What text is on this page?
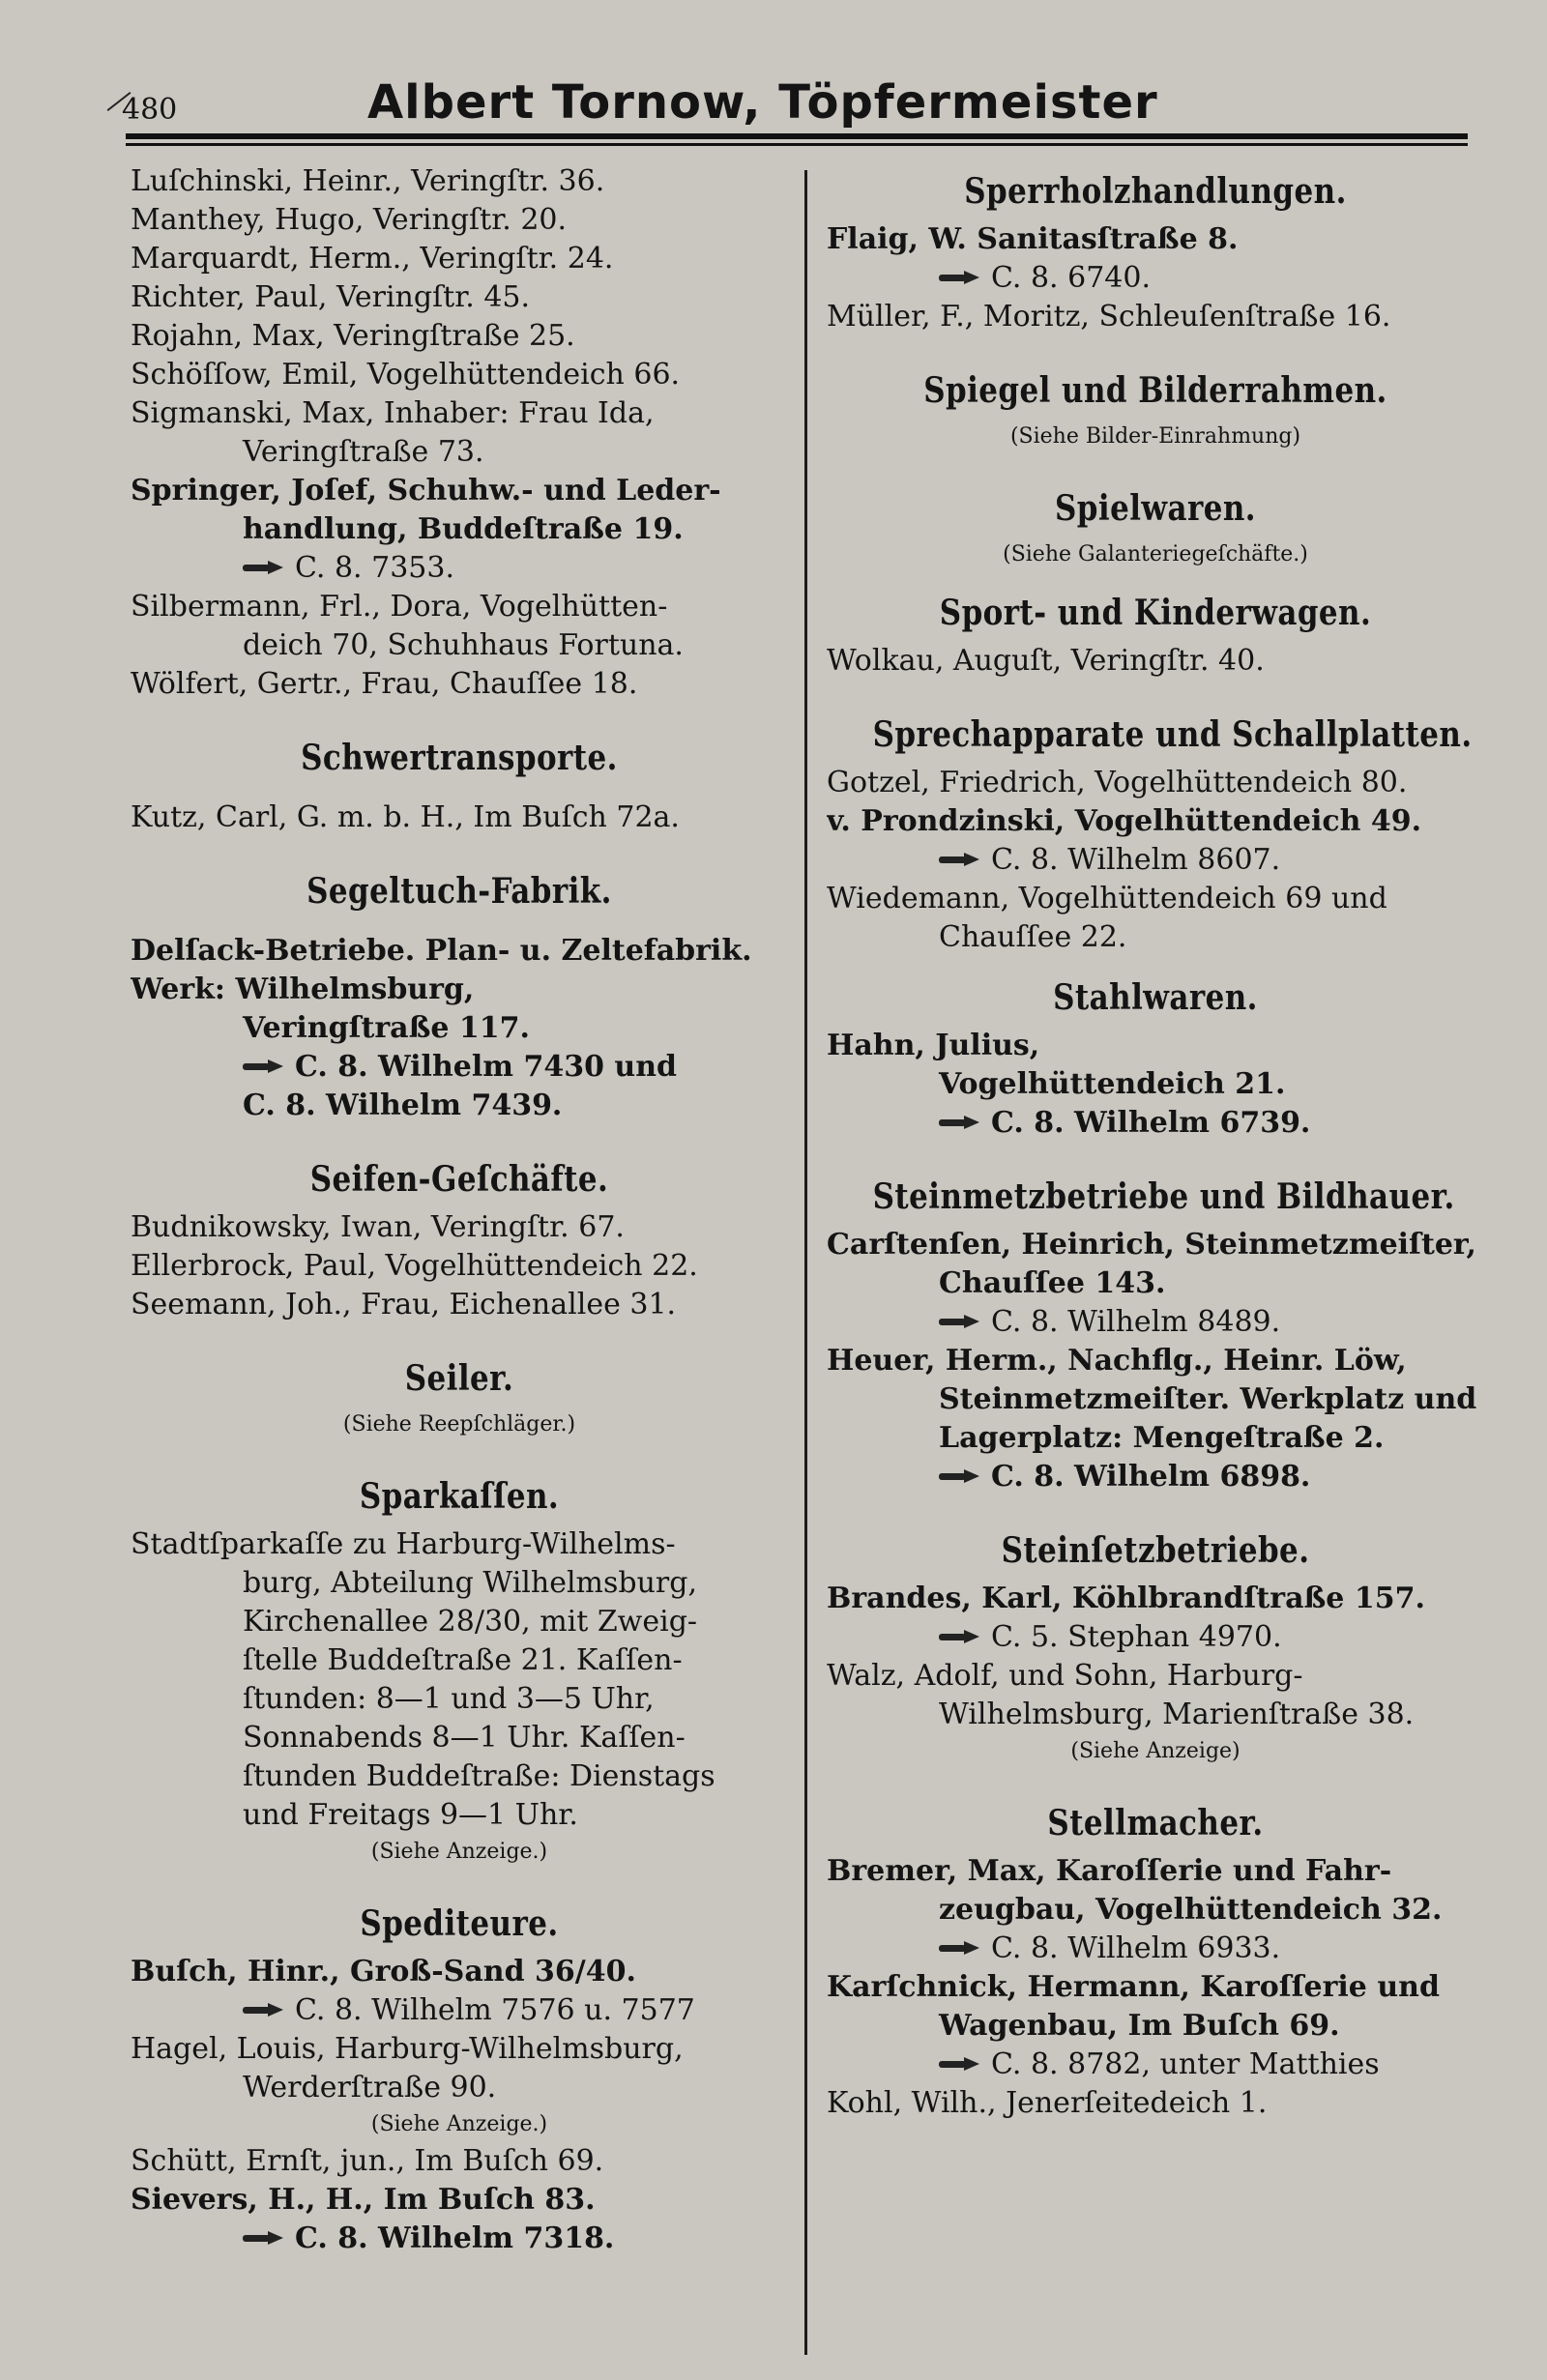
480	Albert Tornow, Töpfermeister
Luſchinski, Heinr., Veringſtr. 36.
Manthey, Hugo, Veringſtr. 20.
Marquardt, Herm., Veringſtr. 24.
Richter, Paul, Veringſtr. 45.
Rojahn, Max, Veringſtraße 25.
Schöſſow, Emil, Vogelhüttendeich 66.
Sigmanski, Max, Inhaber: Frau Ida,
Veringſtraße 73.
Springer, Joſef, Schuhw.- und Leder-
handlung, Buddeſtraße 19.
C. 8. 7353.
Silbermann, Frl., Dora, Vogelhütten-
deich 70, Schuhhaus Fortuna.
Wölfert, Gertr., Frau, Chauſſee 18.
Schwertransporte.
Kutz, Carl, G. m. b. H., Im Buſch 72a.
Segeltuch-Fabrik.
Delſack-Betriebe. Plan- u. Zeltefabrik.
Werk: Wilhelmsburg,
Veringſtraße 117.
C. 8. Wilhelm 7430 und
C. 8. Wilhelm 7439.
Seifen-Geſchäfte.
Budnikowsky, Iwan, Veringſtr. 67.
Ellerbrock, Paul, Vogelhüttendeich 22.
Seemann, Joh., Frau, Eichenallee 31.
Seiler.
(Siehe Reepſchläger.)
Sparkaſſen.
Stadtſparkaſſe zu Harburg-Wilhelms-
burg, Abteilung Wilhelmsburg,
Kirchenallee 28/30, mit Zweig-
ſtelle Buddeſtraße 21. Kaſſen-
ſtunden: 8—1 und 3—5 Uhr,
Sonnabends 8—1 Uhr. Kaſſen-
ſtunden Buddeſtraße: Dienstags
und Freitags 9—1 Uhr.
(Siehe Anzeige.)
Spediteure.
Buſch, Hinr., Groß-Sand 36/40.
C. 8. Wilhelm 7576 u. 7577
Hagel, Louis, Harburg-Wilhelmsburg,
Werderſtraße 90.
(Siehe Anzeige.)
Schütt, Ernſt, jun., Im Buſch 69.
Sievers, H., H., Im Buſch 83.
C. 8. Wilhelm 7318.
Sperrholzhandlungen.
Flaig, W. Sanitasſtraße 8.
C. 8. 6740.
Müller, F., Moritz, Schleuſenſtraße 16.
Spiegel und Bilderrahmen.
(Siehe Bilder-Einrahmung)
Spielwaren.
(Siehe Galanteriegeſchäfte.)
Sport- und Kinderwagen.
Wolkau, Auguſt, Veringſtr. 40.
Sprechapparate und Schallplatten.
Gotzel, Friedrich, Vogelhüttendeich 80.
v. Prondzinski, Vogelhüttendeich 49.
C. 8. Wilhelm 8607.
Wiedemann, Vogelhüttendeich 69 und
Chauſſee 22.
Stahlwaren.
Hahn, Julius,
Vogelhüttendeich 21.
C. 8. Wilhelm 6739.
Steinmetzbetriebe und Bildhauer.
Carſtenſen, Heinrich, Steinmetzmeiſter,
Chauſſee 143.
C. 8. Wilhelm 8489.
Heuer, Herm., Nachflg., Heinr. Löw,
Steinmetzmeiſter. Werkplatz und
Lagerplatz: Mengeſtraße 2.
C. 8. Wilhelm 6898.
Steinſetzbetriebe.
Brandes, Karl, Köhlbrandſtraße 157.
C. 5. Stephan 4970.
Walz, Adolf, und Sohn, Harburg-
Wilhelmsburg, Marienſtraße 38.
(Siehe Anzeige)
Stellmacher.
Bremer, Max, Karoſſerie und Fahr-
zeugbau, Vogelhüttendeich 32.
C. 8. Wilhelm 6933.
Karſchnick, Hermann, Karoſſerie und
Wagenbau, Im Buſch 69.
C. 8. 8782, unter Matthies
Kohl, Wilh., Jenerſeitedeich 1.
